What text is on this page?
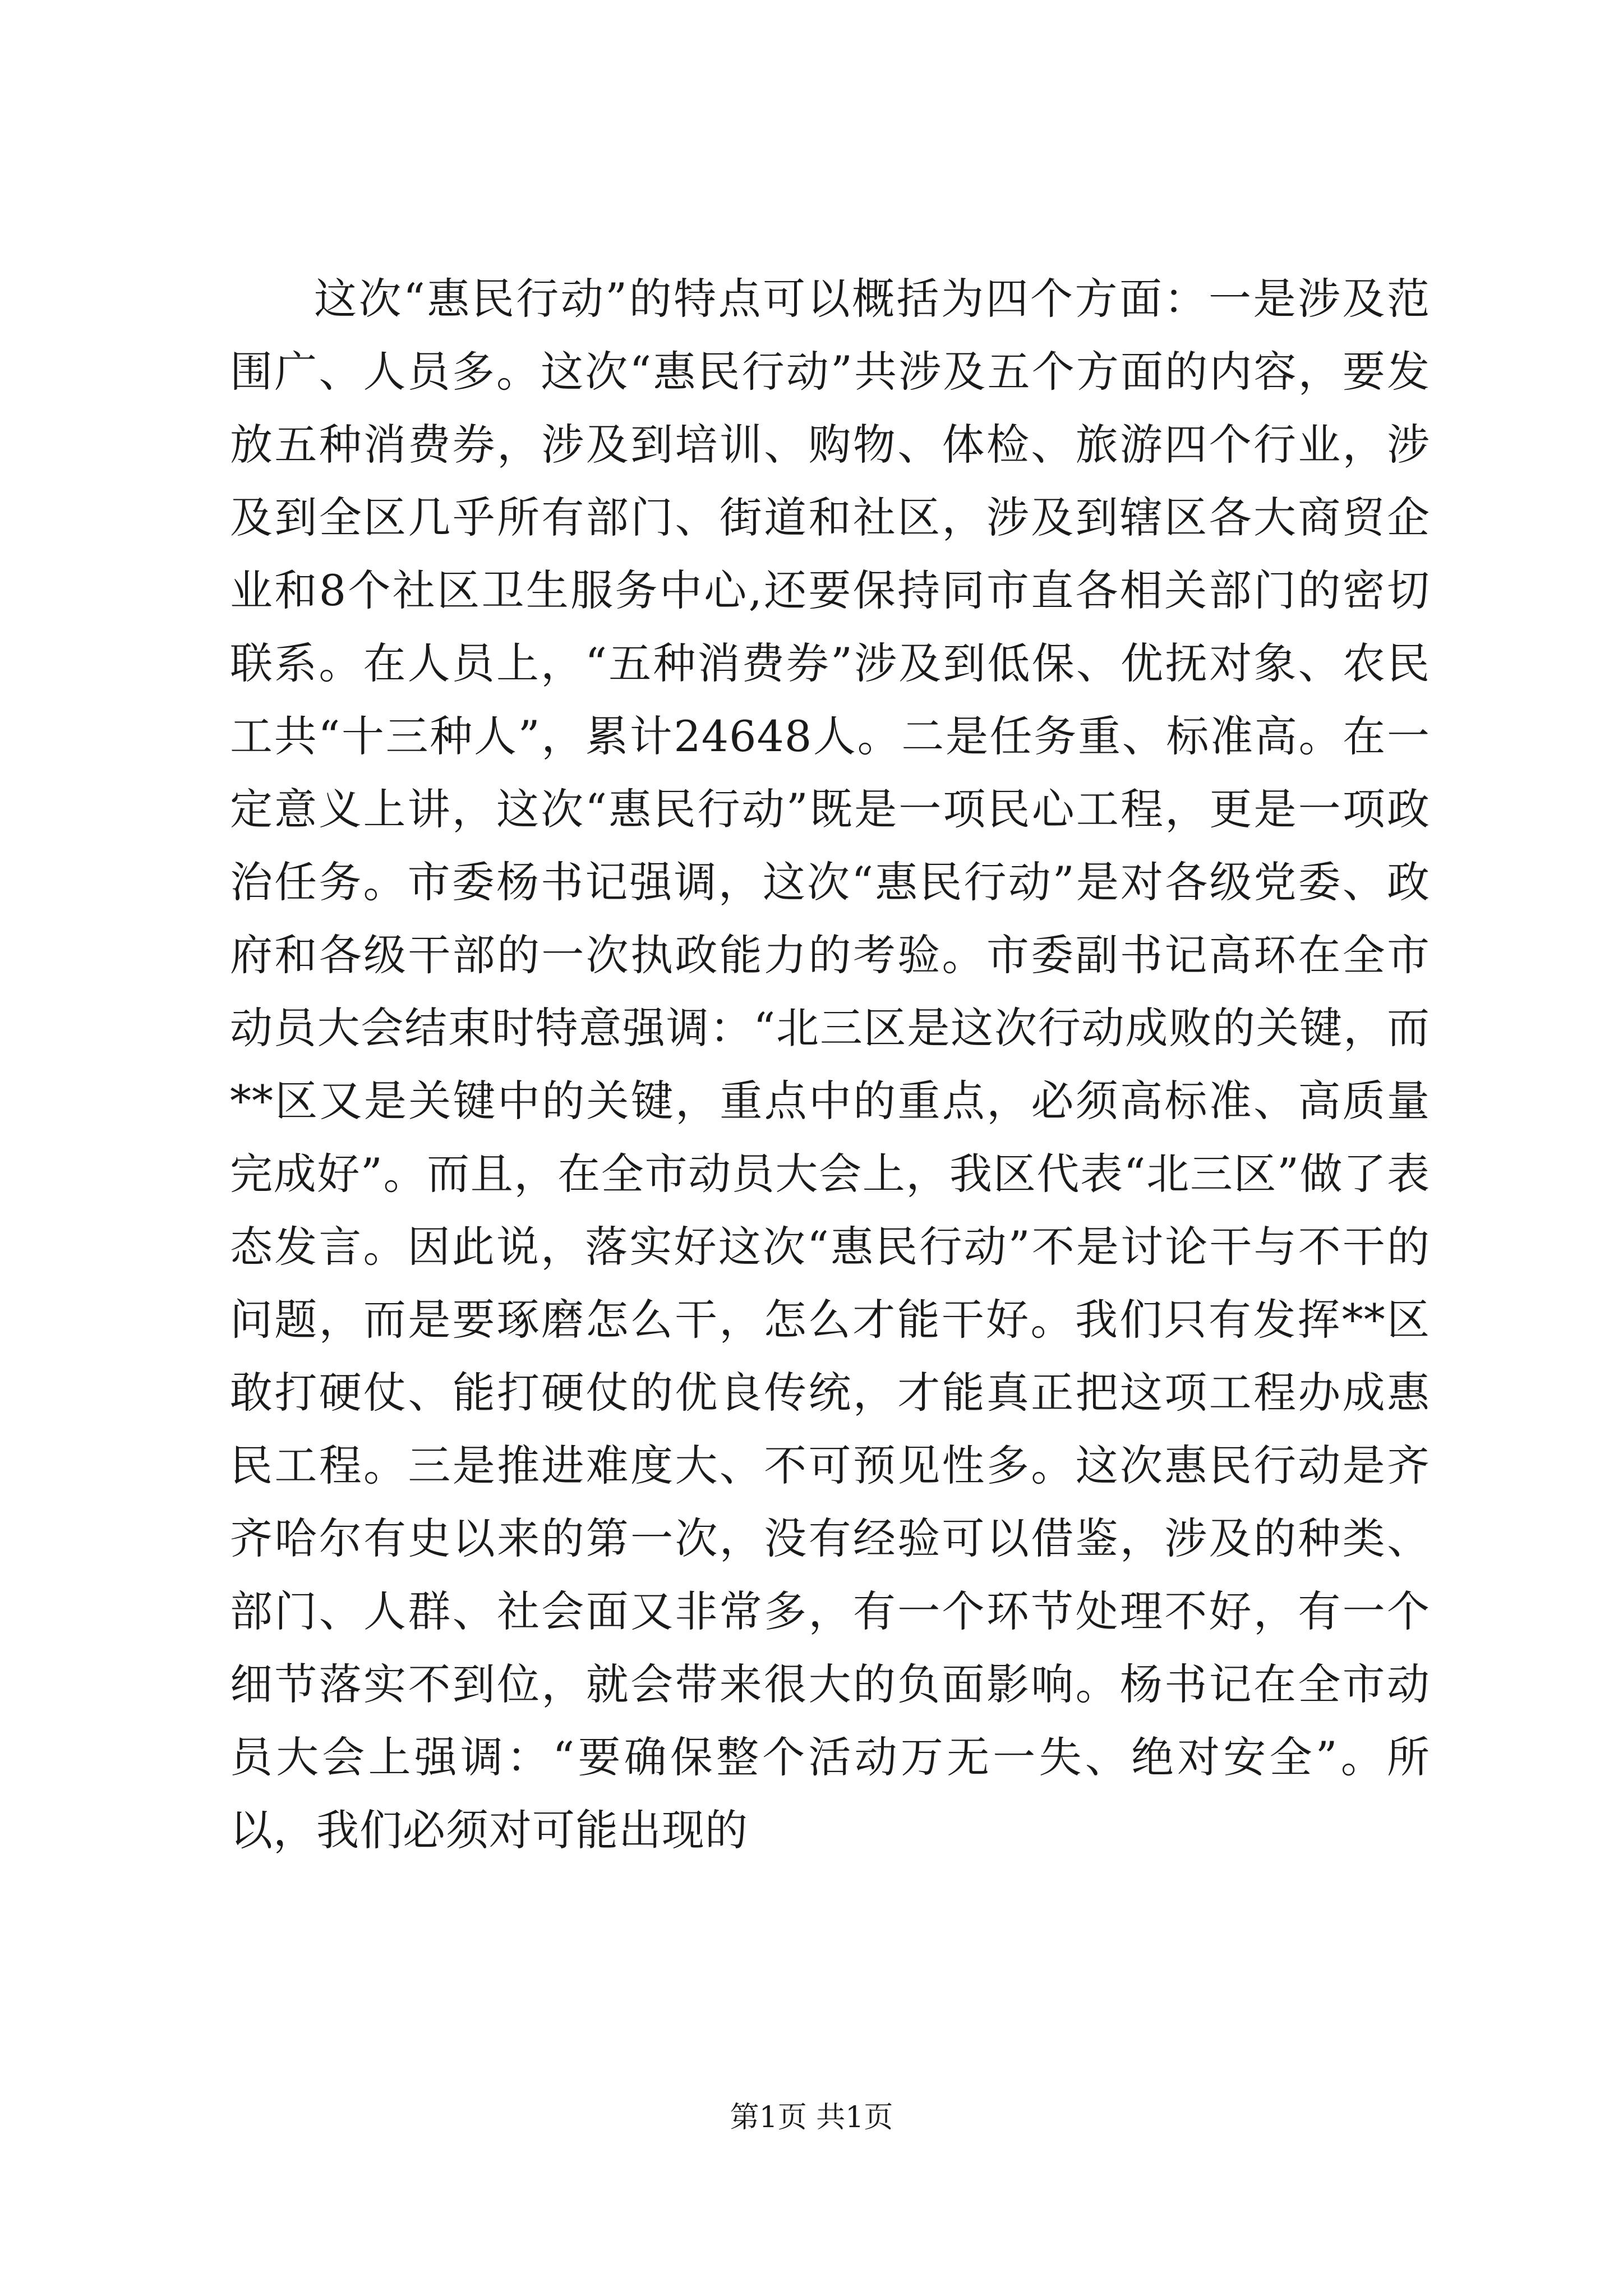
这次“惠民行动”的特点可以概括为四个方面：一是涉及范围广、人员多。这次“惠民行动”共涉及五个方面的内容，要发放五种消费券，涉及到培训、购物、体检、旅游四个行业，涉及到全区几乎所有部门、街道和社区，涉及到辖区各大商贸企业和8个社区卫生服务中心,还要保持同市直各相关部门的密切联系。在人员上，“五种消费券”涉及到低保、优抚对象、农民工共“十三种人”，累计24648人。二是任务重、标准高。在一定意义上讲，这次“惠民行动”既是一项民心工程，更是一项政治任务。市委杨书记强调，这次“惠民行动”是对各级党委、政府和各级干部的一次执政能力的考验。市委副书记高环在全市动员大会结束时特意强调：“北三区是这次行动成败的关键，而**区又是关键中的关键，重点中的重点，必须高标准、高质量完成好”。而且，在全市动员大会上，我区代表“北三区”做了表态发言。因此说，落实好这次“惠民行动”不是讨论干与不干的问题，而是要琢磨怎么干，怎么才能干好。我们只有发挥**区敢打硬仗、能打硬仗的优良传统，才能真正把这项工程办成惠民工程。三是推进难度大、不可预见性多。这次惠民行动是齐齐哈尔有史以来的第一次，没有经验可以借鉴，涉及的种类、部门、人群、社会面又非常多，有一个环节处理不好，有一个细节落实不到位，就会带来很大的负面影响。杨书记在全市动员大会上强调：“要确保整个活动万无一失、绝对安全”。所以，我们必须对可能出现的

第1页 共1页
